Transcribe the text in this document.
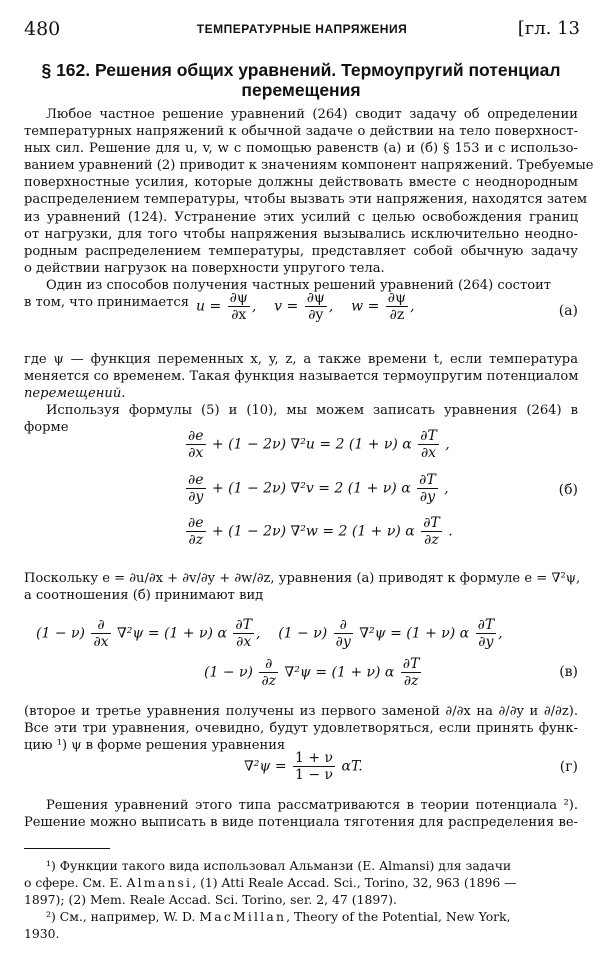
480	ТЕМПЕРАТУРНЫЕ НАПРЯЖЕНИЯ	[гл. 13
§ 162. Решения общих уравнений. Термоупругий потенциал
перемещения
Любое частное решение уравнений (264) сводит задачу об определении
температурных напряжений к обычной задаче о действии на тело поверхност-
ных сил. Решение для u, v, w с помощью равенств (а) и (б) § 153 и с использо-
ванием уравнений (2) приводит к значениям компонент напряжений. Требуемые
поверхностные усилия, которые должны действовать вместе с неоднородным
распределением температуры, чтобы вызвать эти напряжения, находятся затем
из уравнений (124). Устранение этих усилий с целью освобождения границ
от нагрузки, для того чтобы напряжения вызывались исключительно неодно-
родным распределением температуры, представляет собой обычную задачу
о действии нагрузок на поверхности упругого тела.
Один из способов получения частных решений уравнений (264) состоит
в том, что принимается $u = \frac{\partial\psi}{\partial x}$ ,    $v = \frac{\partial\psi}{\partial y}$ ,    $w = \frac{\partial\psi}{\partial z}$ ,	(а)
где ψ — функция переменных x, y, z, а также времени t, если температура
меняется со временем. Такая функция называется термоупругим потенциалом
перемещений.
Используя формулы (5) и (10), мы можем записать уравнения (264) в
форме
$\frac{\partial e}{\partial x} + (1 - 2\nu) \nabla^2u = 2$ (1 + ν) α $\frac{\partial T}{\partial x}$ ,
$\frac{\partial e}{\partial y} + (1 - 2\nu) \nabla^2v = 2$ (1 + ν) α $\frac{\partial T}{\partial y}$ ,
$\frac{\partial e}{\partial z} + (1 - 2\nu) \nabla^2w = 2$ (1 + ν) α $\frac{\partial T}{\partial z}$ .
(б)
Поскольку e = ∂u/∂x + ∂v/∂y + ∂w/∂z, уравнения (а) приводят к формуле e = ∇²ψ,
а соотношения (б) принимают вид
$(1 - \nu) \frac{\partial}{\partial x} \nabla^2\psi = (1 + \nu)$ α $\frac{\partial T}{\partial x}$ ,    $(1 - \nu) \frac{\partial}{\partial y} \nabla^2\psi = (1 + \nu)$ α $\frac{\partial T}{\partial y}$ ,
$(1 - \nu) \frac{\partial}{\partial z} \nabla^2\psi = (1 + \nu)$ α $\frac{\partial T}{\partial z}$	(в)
(второе и третье уравнения получены из первого заменой ∂/∂x на ∂/∂y и ∂/∂z).
Все эти три уравнения, очевидно, будут удовлетворяться, если принять функ-
цию ¹) ψ в форме решения уравнения
$\nabla^2\psi = \frac{1 + \nu}{1 - \nu} \alpha T$.	(г)
Решения уравнений этого типа рассматриваются в теории потенциала ²).
Решение можно выписать в виде потенциала тяготения для распределения ве-
¹) Функции такого вида использовал Альманзи (E. Almansi) для задачи
о сфере. См. E. Almansi, (1) Atti Reale Accad. Sci., Torino, 32, 963 (1896 —
1897); (2) Mem. Reale Accad. Sci. Torino, ser. 2, 47 (1897).
²) См., например, W. D. MacMillan, Theory of the Potential, New York,
1930.
